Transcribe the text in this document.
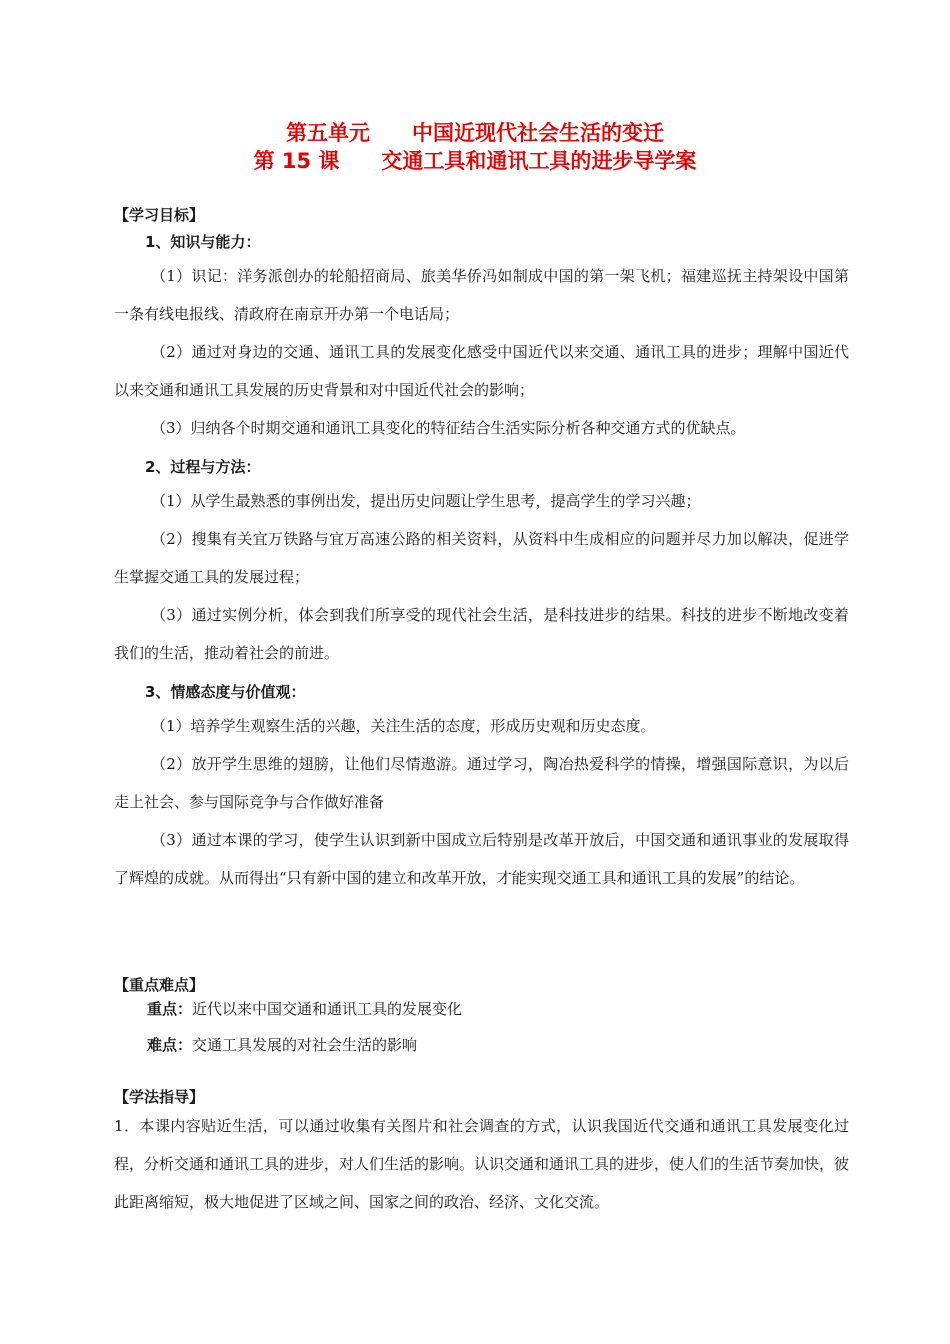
第五单元　　中国近现代社会生活的变迁
第 15 课　　交通工具和通讯工具的进步导学案
【学习目标】
1、知识与能力：

（1）识记：洋务派创办的轮船招商局、旅美华侨冯如制成中国的第一架飞机；福建巡抚主持架设中国第一条有线电报线、清政府在南京开办第一个电话局；

（2）通过对身边的交通、通讯工具的发展变化感受中国近代以来交通、通讯工具的进步；理解中国近代以来交通和通讯工具发展的历史背景和对中国近代社会的影响；

（3）归纳各个时期交通和通讯工具变化的特征结合生活实际分析各种交通方式的优缺点。

2、过程与方法：

（1）从学生最熟悉的事例出发，提出历史问题让学生思考，提高学生的学习兴趣；

（2）搜集有关宜万铁路与宜万高速公路的相关资料，从资料中生成相应的问题并尽力加以解决，促进学生掌握交通工具的发展过程；

（3）通过实例分析，体会到我们所享受的现代社会生活，是科技进步的结果。科技的进步不断地改变着我们的生活，推动着社会的前进。

3、情感态度与价值观：

（1）培养学生观察生活的兴趣，关注生活的态度，形成历史观和历史态度。

（2）放开学生思维的翅膀，让他们尽情遨游。通过学习，陶冶热爱科学的情操，增强国际意识，为以后走上社会、参与国际竞争与合作做好准备

（3）通过本课的学习，使学生认识到新中国成立后特别是改革开放后，中国交通和通讯事业的发展取得了辉煌的成就。从而得出“只有新中国的建立和改革开放，才能实现交通工具和通讯工具的发展”的结论。

【重点难点】
重点：近代以来中国交通和通讯工具的发展变化
难点：交通工具发展的对社会生活的影响
【学法指导】

1．本课内容贴近生活，可以通过收集有关图片和社会调查的方式，认识我国近代交通和通讯工具发展变化过程，分析交通和通讯工具的进步，对人们生活的影响。认识交通和通讯工具的进步，使人们的生活节奏加快，彼此距离缩短，极大地促进了区域之间、国家之间的政治、经济、文化交流。
